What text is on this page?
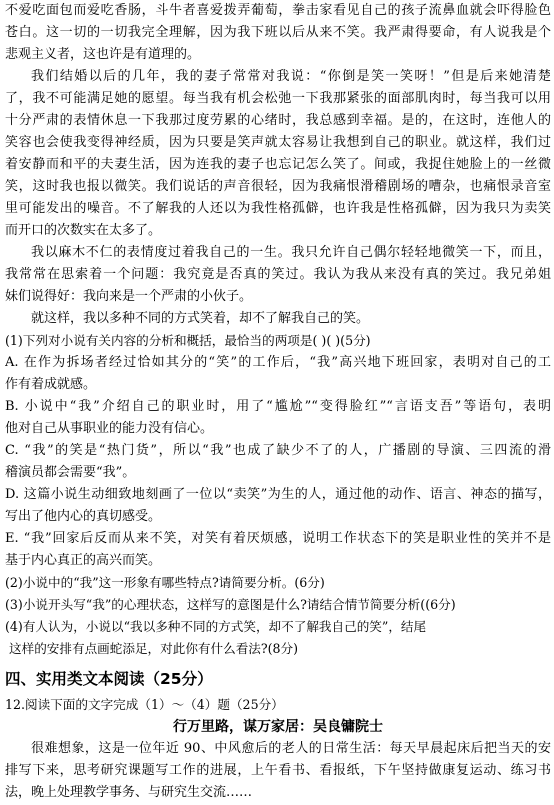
不爱吃面包而爱吃香肠，斗牛者喜爱拨弄葡萄，拳击家看见自己的孩子流鼻血就会吓得脸色
苍白。这一切的一切我完全理解，因为我下班以后从来不笑。我严肃得要命，有人说我是个
悲观主义者，这也许是有道理的。
我们结婚以后的几年，我的妻子常常对我说：“你倒是笑一笑呀！”但是后来她清楚
了，我不可能满足她的愿望。每当我有机会松弛一下我那紧张的面部肌肉时，每当我可以用
十分严肃的表情休息一下我那过度劳累的心绪时，我总感到幸福。是的，在这时，连他人的
笑容也会使我变得神经质，因为只要是笑声就太容易让我想到自己的职业。就这样，我们过
着安静而和平的夫妻生活，因为连我的妻子也忘记怎么笑了。间或，我捉住她脸上的一丝微
笑，这时我也报以微笑。我们说话的声音很轻，因为我痛恨滑稽剧场的嘈杂，也痛恨录音室
里可能发出的噪音。不了解我的人还以为我性格孤僻，也许我是性格孤僻，因为我只为卖笑
而开口的次数实在太多了。
我以麻木不仁的表情度过着我自己的一生。我只允许自己偶尔轻轻地微笑一下，而且，
我常常在思索着一个问题：我究竟是否真的笑过。我认为我从来没有真的笑过。我兄弟姐
妹们说得好：我向来是一个严肃的小伙子。
就这样，我以多种不同的方式笑着，却不了解我自己的笑。
(1)下列对小说有关内容的分析和概括，最恰当的两项是( )( )(5分)
A. 在作为拆场者经过恰如其分的“笑”的工作后，“我”高兴地下班回家，表明对自己的工
作有着成就感。
B. 小说中“我”介绍自己的职业时，用了“尴尬”“变得脸红”“言语支吾”等语句，表明
他对自己从事职业的能力没有信心。
C. “我”的笑是“热门货”，所以“我”也成了缺少不了的人，广播剧的导演、三四流的滑
稽演员都会需要“我”。
D. 这篇小说生动细致地刻画了一位以“卖笑”为生的人，通过他的动作、语言、神态的描写，
写出了他内心的真切感受。
E. “我”回家后反而从来不笑，对笑有着厌烦感，说明工作状态下的笑是职业性的笑并不是
基于内心真正的高兴而笑。
(2)小说中的“我”这一形象有哪些特点?请简要分析。(6分)
(3)小说开头写“我”的心理状态，这样写的意图是什么?请结合情节简要分析((6分)
(4)有人认为，小说以“我以多种不同的方式笑，却不了解我自己的笑”，结尾
这样的安排有点画蛇添足，对此你有什么看法?(8分)
四、实用类文本阅读（25分）
12.阅读下面的文字完成（1）～（4）题（25分）
行万里路，谋万家居：吴良镛院士
很难想象，这是一位年近 90、中风愈后的老人的日常生活：每天早晨起床后把当天的安
排写下来，思考研究课题写工作的进展，上午看书、看报纸，下午坚持做康复运动、练习书
法，晚上处理教学事务、与研究生交流……
